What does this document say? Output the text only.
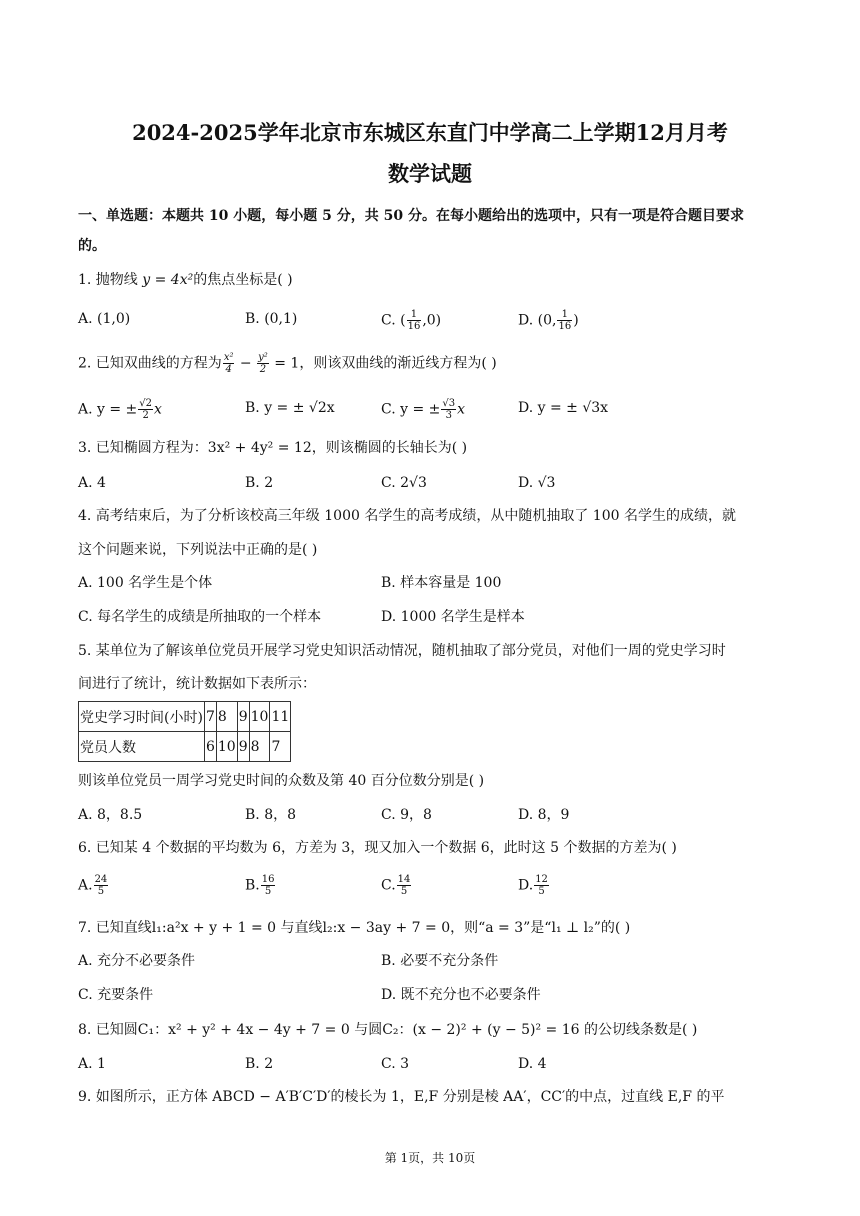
2024-2025学年北京市东城区东直门中学高二上学期12月月考
数学试题
一、单选题：本题共 10 小题，每小题 5 分，共 50 分。在每小题给出的选项中，只有一项是符合题目要求
的。
1. 抛物线 y = 4x²的焦点坐标是( )
A. (1,0)	B. (0,1)	C. ( $\frac{1}{16} ,0$)	D. (0, $\frac{1}{16}$ )
2. 已知双曲线的方程为 $\frac{\text{x²}}{4} - \frac{\text{y²}}{2} = 1$，则该双曲线的渐近线方程为( )
A. y = ± $\frac{√2}{2}$ x	B. y = ± √2x	C. y = ± $\frac{√3}{3}$ x	D. y = ± √3x
3. 已知椭圆方程为：3x² + 4y² = 12，则该椭圆的长轴长为( )
A. 4	B. 2	C. 2√3	D. √3
4. 高考结束后，为了分析该校高三年级 1000 名学生的高考成绩，从中随机抽取了 100 名学生的成绩，就
这个问题来说，下列说法中正确的是( )
A. 100 名学生是个体	B. 样本容量是 100
C. 每名学生的成绩是所抽取的一个样本	D. 1000 名学生是样本
5. 某单位为了解该单位党员开展学习党史知识活动情况，随机抽取了部分党员，对他们一周的党史学习时
间进行了统计，统计数据如下表所示：
党史学习时间(小时)	7	8	9	10	11
党员人数	6	10	9	8	7
则该单位党员一周学习党史时间的众数及第 40 百分位数分别是( )
A. 8，8.5	B. 8，8	C. 9，8	D. 8，9
6. 已知某 4 个数据的平均数为 6，方差为 3，现又加入一个数据 6，此时这 5 个数据的方差为( )
A. $\frac{24}{5}$	B. $\frac{16}{5}$	C. $\frac{14}{5}$	D. $\frac{12}{5}$
7. 已知直线l₁:a²x + y + 1 = 0 与直线l₂:x − 3ay + 7 = 0，则“a = 3”是“l₁ ⊥ l₂”的( )
A. 充分不必要条件	B. 必要不充分条件
C. 充要条件	D. 既不充分也不必要条件
8. 已知圆C₁：x² + y² + 4x − 4y + 7 = 0 与圆C₂：(x − 2)² + (y − 5)² = 16 的公切线条数是( )
A. 1	B. 2	C. 3	D. 4
9. 如图所示，正方体 ABCD − A′B′C′D′的棱长为 1，E,F 分别是棱 AA′，CC′的中点，过直线 E,F 的平
第 1页，共 10页
